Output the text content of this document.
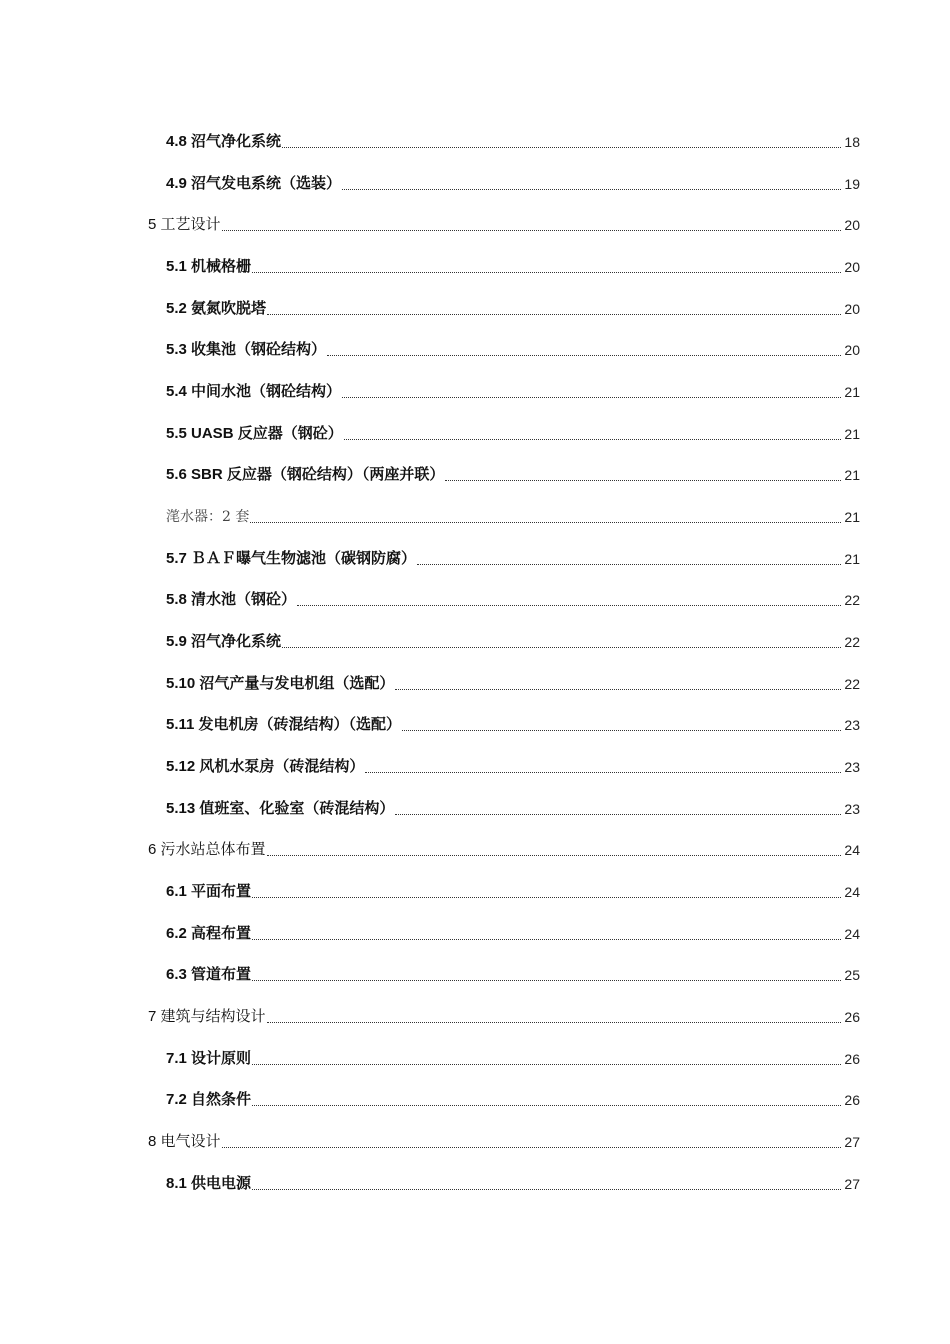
4.8 沼气净化系统	18
4.9 沼气发电系统（选装）	19
5 工艺设计	20
5.1 机械格栅	20
5.2 氨氮吹脱塔	20
5.3 收集池（钢砼结构）	20
5.4 中间水池（钢砼结构）	21
5.5 UASB 反应器（钢砼）	21
5.6 SBR 反应器（钢砼结构）（两座并联）	21
滗水器：2 套	21
5.7 ＢＡＦ曝气生物滤池（碳钢防腐）	21
5.8 清水池（钢砼）	22
5.9 沼气净化系统	22
5.10 沼气产量与发电机组（选配）	22
5.11 发电机房（砖混结构）（选配）	23
5.12 风机水泵房（砖混结构）	23
5.13 值班室、化验室（砖混结构）	23
6 污水站总体布置	24
6.1 平面布置	24
6.2 高程布置	24
6.3 管道布置	25
7 建筑与结构设计	26
7.1 设计原则	26
7.2 自然条件	26
8 电气设计	27
8.1 供电电源	27
